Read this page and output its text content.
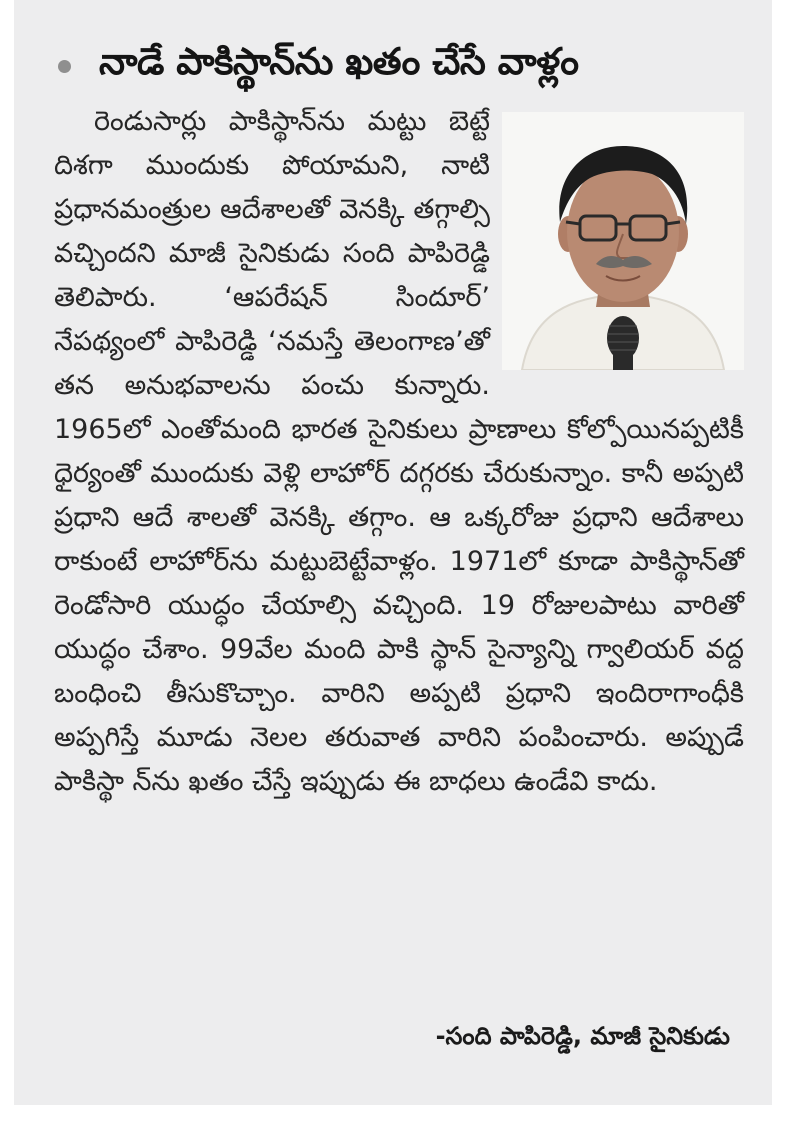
నాడే పాకిస్థాన్‌ను ఖతం చేసే వాళ్లం

రెండుసార్లు పాకిస్థాన్‌ను మట్టు బెట్టే దిశగా ముందుకు పోయామని, నాటి ప్రధానమంత్రుల ఆదేశాలతో వెనక్కి తగ్గాల్సి వచ్చిందని మాజీ సైనికుడు సంది పాపిరెడ్డి తెలిపారు. ‘ఆపరేషన్ సిందూర్’ నేపథ్యంలో పాపిరెడ్డి ‘నమస్తే తెలంగాణ’తో తన అనుభవాలను పంచు కున్నారు. 1965లో ఎంతోమంది భారత సైనికులు ప్రాణాలు కోల్పోయినప్పటికీ ధైర్యంతో ముందుకు వెళ్లి లాహోర్ దగ్గరకు చేరుకున్నాం. కానీ అప్పటి ప్రధాని ఆదే శాలతో వెనక్కి తగ్గాం. ఆ ఒక్కరోజు ప్రధాని ఆదేశాలు రాకుంటే లాహోర్‌ను మట్టుబెట్టేవాళ్లం. 1971లో కూడా పాకిస్థాన్‌తో రెండోసారి యుద్ధం చేయాల్సి వచ్చింది. 19 రోజులపాటు వారితో యుద్ధం చేశాం. 99వేల మంది పాకి స్థాన్ సైన్యాన్ని గ్వాలియర్ వద్ద బంధించి తీసుకొచ్చాం. వారిని అప్పటి ప్రధాని ఇందిరాగాంధీకి అప్పగిస్తే మూడు నెలల తరువాత వారిని పంపించారు. అప్పుడే పాకిస్థా న్‌ను ఖతం చేస్తే ఇప్పుడు ఈ బాధలు ఉండేవి కాదు.

-సంది పాపిరెడ్డి, మాజీ సైనికుడు
